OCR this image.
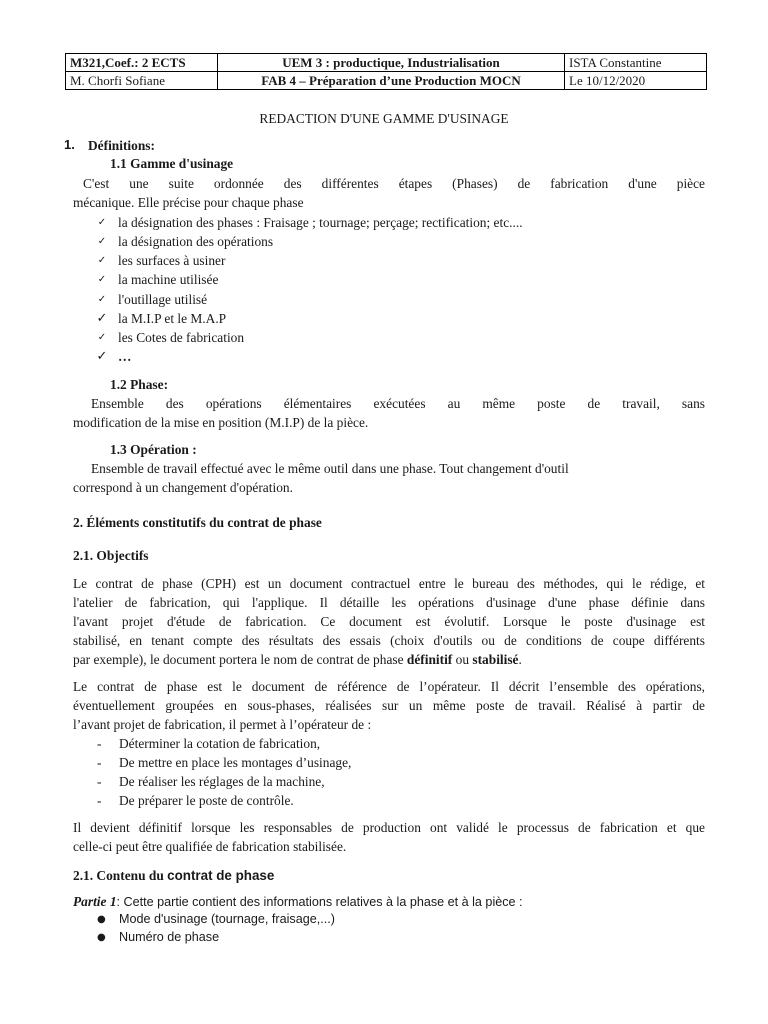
M321,Coef.: 2 ECTS	UEM 3 : productique, Industrialisation	ISTA Constantine
M. Chorfi Sofiane	FAB 4 – Préparation d’une Production MOCN	Le 10/12/2020
REDACTION D'UNE GAMME D'USINAGE
1. Définitions:
1.1 Gamme d'usinage
C'est une suite ordonnée des différentes étapes (Phases) de fabrication d'une pièce
mécanique. Elle précise pour chaque phase
✓ la désignation des phases : Fraisage ; tournage; perçage; rectification; etc....
✓ la désignation des opérations
✓ les surfaces à usiner
✓ la machine utilisée
✓ l'outillage utilisé
✓ la M.I.P et le M.A.P
✓ les Cotes de fabrication
✓ …
1.2 Phase:
Ensemble des opérations élémentaires exécutées au même poste de travail, sans
modification de la mise en position (M.I.P) de la pièce.
1.3 Opération :
Ensemble de travail effectué avec le même outil dans une phase. Tout changement d'outil
correspond à un changement d'opération.
2. Éléments constitutifs du contrat de phase
2.1. Objectifs
Le contrat de phase (CPH) est un document contractuel entre le bureau des méthodes, qui le rédige, et
l'atelier de fabrication, qui l'applique. Il détaille les opérations d'usinage d'une phase définie dans
l'avant projet d'étude de fabrication. Ce document est évolutif. Lorsque le poste d'usinage est
stabilisé, en tenant compte des résultats des essais (choix d'outils ou de conditions de coupe différents
par exemple), le document portera le nom de contrat de phase définitif ou stabilisé.
Le contrat de phase est le document de référence de l’opérateur. Il décrit l’ensemble des opérations,
éventuellement groupées en sous-phases, réalisées sur un même poste de travail. Réalisé à partir de
l’avant projet de fabrication, il permet à l’opérateur de :
- Déterminer la cotation de fabrication,
- De mettre en place les montages d’usinage,
- De réaliser les réglages de la machine,
- De préparer le poste de contrôle.
Il devient définitif lorsque les responsables de production ont validé le processus de fabrication et que
celle-ci peut être qualifiée de fabrication stabilisée.
2.1. Contenu du contrat de phase
Partie 1: Cette partie contient des informations relatives à la phase et à la pièce :
● Mode d'usinage (tournage, fraisage,...)
● Numéro de phase
